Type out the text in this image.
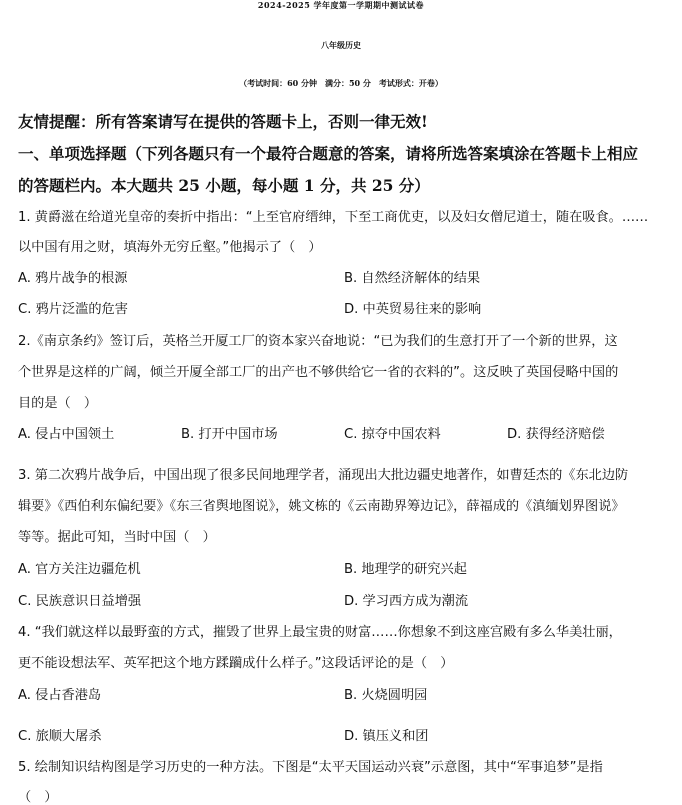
2024-2025 学年度第一学期期中测试试卷
八年级历史
（考试时间：60 分钟　满分：50 分　考试形式：开卷）
友情提醒：所有答案请写在提供的答题卡上，否则一律无效!
一、单项选择题（下列各题只有一个最符合题意的答案，请将所选答案填涂在答题卡上相应
的答题栏内。本大题共 25 小题，每小题 1 分，共 25 分）
1. 黄爵滋在给道光皇帝的奏折中指出：“上至官府缙绅，下至工商优吏，以及妇女僧尼道士，随在吸食。……
以中国有用之财，填海外无穷丘壑。”他揭示了（　）
A. 鸦片战争的根源	B. 自然经济解体的结果
C. 鸦片泛滥的危害	D. 中英贸易往来的影响
2.《南京条约》签订后，英格兰开厦工厂的资本家兴奋地说：“已为我们的生意打开了一个新的世界，这
个世界是这样的广阔，倾兰开厦全部工厂的出产也不够供给它一省的衣料的”。这反映了英国侵略中国的
目的是（　）
A. 侵占中国领土	B. 打开中国市场	C. 掠夺中国农料	D. 获得经济赔偿
3. 第二次鸦片战争后，中国出现了很多民间地理学者，涌现出大批边疆史地著作，如曹廷杰的《东北边防
辑要》《西伯利东偏纪要》《东三省舆地图说》，姚文栋的《云南勘界筹边记》，薛福成的《滇缅划界图说》
等等。据此可知，当时中国（　）
A. 官方关注边疆危机	B. 地理学的研究兴起
C. 民族意识日益增强	D. 学习西方成为潮流
4. “我们就这样以最野蛮的方式，摧毁了世界上最宝贵的财富……你想象不到这座宫殿有多么华美壮丽，
更不能设想法军、英军把这个地方蹂躏成什么样子。”这段话评论的是（　）
A. 侵占香港岛	B. 火烧圆明园
C. 旅顺大屠杀	D. 镇压义和团
5. 绘制知识结构图是学习历史的一种方法。下图是“太平天国运动兴衰”示意图，其中“军事追梦”是指
（　）
